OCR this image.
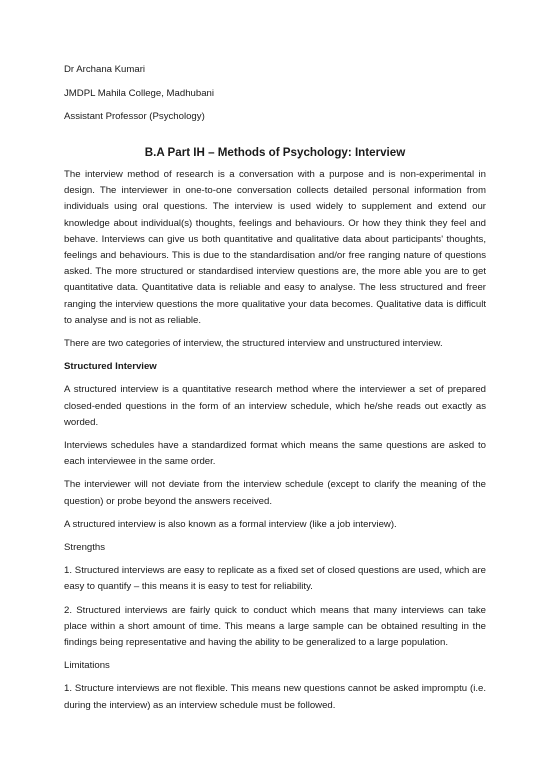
Dr Archana Kumari
JMDPL Mahila College, Madhubani
Assistant Professor (Psychology)
B.A Part IH – Methods of Psychology: Interview

The interview method of research is a conversation with a purpose and is non-experimental in design. The interviewer in one-to-one conversation collects detailed personal information from individuals using oral questions. The interview is used widely to supplement and extend our knowledge about individual(s) thoughts, feelings and behaviours. Or how they think they feel and behave. Interviews can give us both quantitative and qualitative data about participants' thoughts, feelings and behaviours. This is due to the standardisation and/or free ranging nature of questions asked. The more structured or standardised interview questions are, the more able you are to get quantitative data. Quantitative data is reliable and easy to analyse. The less structured and freer ranging the interview questions the more qualitative your data becomes. Qualitative data is difficult to analyse and is not as reliable.

There are two categories of interview, the structured interview and unstructured interview.

Structured Interview

A structured interview is a quantitative research method where the interviewer a set of prepared closed-ended questions in the form of an interview schedule, which he/she reads out exactly as worded.

Interviews schedules have a standardized format which means the same questions are asked to each interviewee in the same order.

The interviewer will not deviate from the interview schedule (except to clarify the meaning of the question) or probe beyond the answers received.

A structured interview is also known as a formal interview (like a job interview).

Strengths

1. Structured interviews are easy to replicate as a fixed set of closed questions are used, which are easy to quantify – this means it is easy to test for reliability.

2. Structured interviews are fairly quick to conduct which means that many interviews can take place within a short amount of time. This means a large sample can be obtained resulting in the findings being representative and having the ability to be generalized to a large population.

Limitations

1. Structure interviews are not flexible. This means new questions cannot be asked impromptu (i.e. during the interview) as an interview schedule must be followed.
